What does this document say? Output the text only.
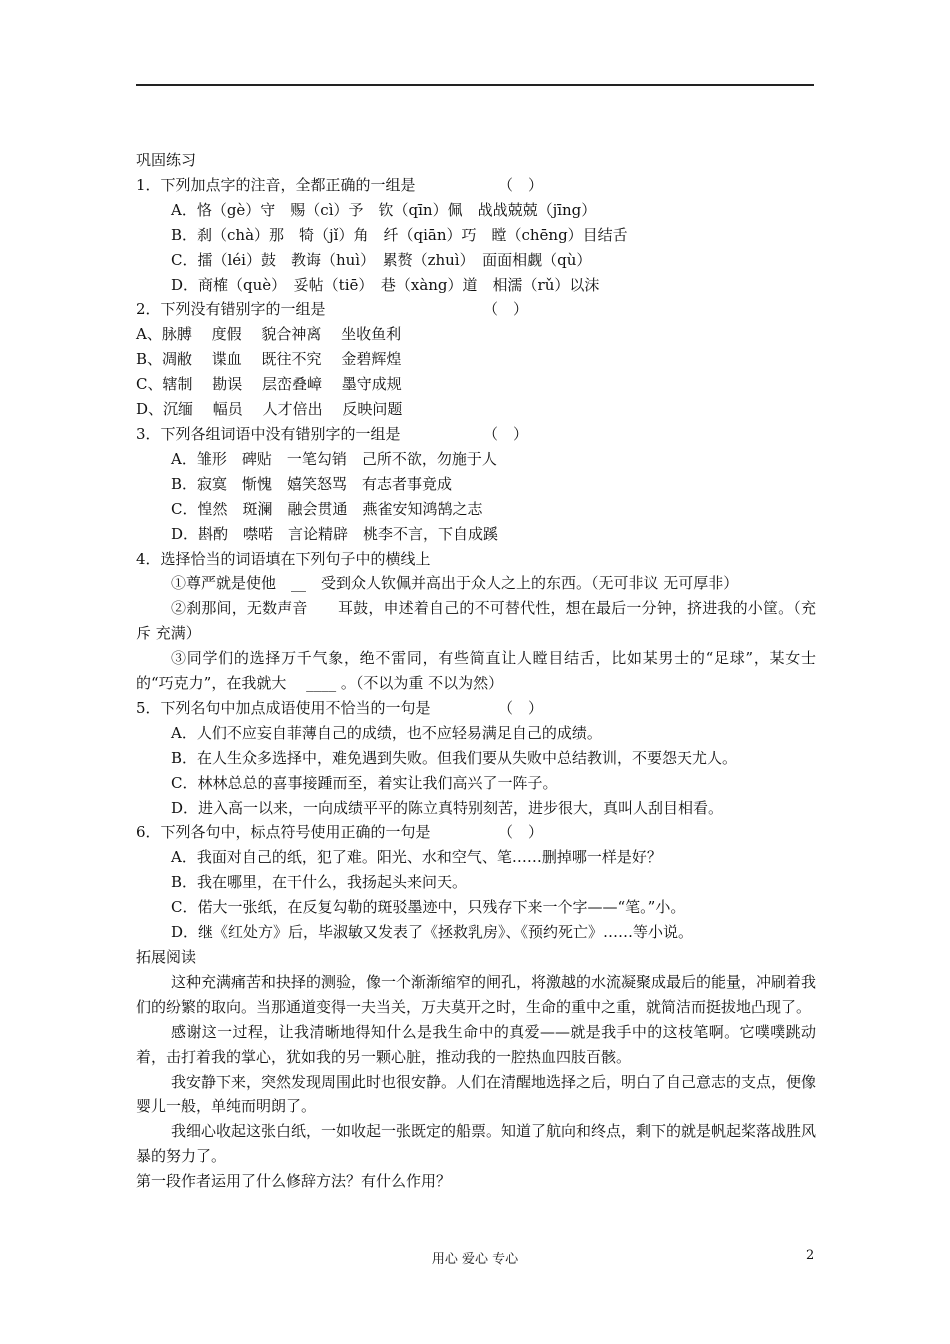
巩固练习
1．下列加点字的注音，全都正确的一组是　　　　　　（　）
A．恪（gè）守　赐（cì）予　钦（qīn）佩　战战兢兢（jīng）
B．刹（chà）那　犄（jǐ）角　纤（qiān）巧　瞠（chēng）目结舌
C．擂（léi）鼓　教诲（huì）　累赘（zhuì）　面面相觑（qù）
D．商榷（què）　妥帖（tiē）　巷（xàng）道　相濡（rǔ）以沫
2．下列没有错别字的一组是　　　　　　　　　　　（　）
A、脉膊　 度假　 貌合神离　 坐收鱼利
B、凋敝　 谍血　 既往不究　 金碧辉煌
C、辖制　 勘误　 层峦叠嶂　 墨守成规
D、沉缅　 幅员　 人才倍出　 反映问题
3．下列各组词语中没有错别字的一组是　　　　　　（　）
A．雏形　碑贴　一笔勾销　己所不欲，勿施于人
B．寂寞　惭愧　嬉笑怒骂　有志者事竟成
C．惶然　斑澜　融会贯通　燕雀安知鸿鹄之志
D．斟酌　噤喏　言论精辟　桃李不言，下自成蹊
4．选择恰当的词语填在下列句子中的横线上
①尊严就是使他　__　受到众人钦佩并高出于众人之上的东西。（无可非议 无可厚非）
②刹那间，无数声音　　耳鼓，申述着自己的不可替代性，想在最后一分钟，挤进我的小筐。（充斥 充满）
③同学们的选择万千气象，绝不雷同，有些简直让人瞠目结舌，比如某男士的“足球”，某女士的“巧克力”，在我就大　 ____ 。（不以为重 不以为然）
5．下列名句中加点成语使用不恰当的一句是　　　　　（　）
A．人们不应妄自菲薄自己的成绩，也不应轻易满足自己的成绩。
B．在人生众多选择中，难免遇到失败。但我们要从失败中总结教训，不要怨天尤人。
C．林林总总的喜事接踵而至，着实让我们高兴了一阵子。
D．进入高一以来，一向成绩平平的陈立真特别刻苦，进步很大，真叫人刮目相看。
6．下列各句中，标点符号使用正确的一句是　　　　　（　）
A．我面对自己的纸，犯了难。阳光、水和空气、笔……删掉哪一样是好？
B．我在哪里，在干什么，我扬起头来问天。
C．偌大一张纸，在反复勾勒的斑驳墨迹中，只残存下来一个字——“笔。”小。
D．继《红处方》后，毕淑敏又发表了《拯救乳房》、《预约死亡》……等小说。
拓展阅读
这种充满痛苦和抉择的测验，像一个渐渐缩窄的闸孔，将激越的水流凝聚成最后的能量，冲刷着我们的纷繁的取向。当那通道变得一夫当关，万夫莫开之时，生命的重中之重，就简洁而挺拔地凸现了。
感谢这一过程，让我清晰地得知什么是我生命中的真爱——就是我手中的这枝笔啊。它噗噗跳动着，击打着我的掌心，犹如我的另一颗心脏，推动我的一腔热血四肢百骸。
我安静下来，突然发现周围此时也很安静。人们在清醒地选择之后，明白了自己意志的支点，便像婴儿一般，单纯而明朗了。
我细心收起这张白纸，一如收起一张既定的船票。知道了航向和终点，剩下的就是帆起桨落战胜风暴的努力了。
第一段作者运用了什么修辞方法？有什么作用？
用心 爱心 专心	2
